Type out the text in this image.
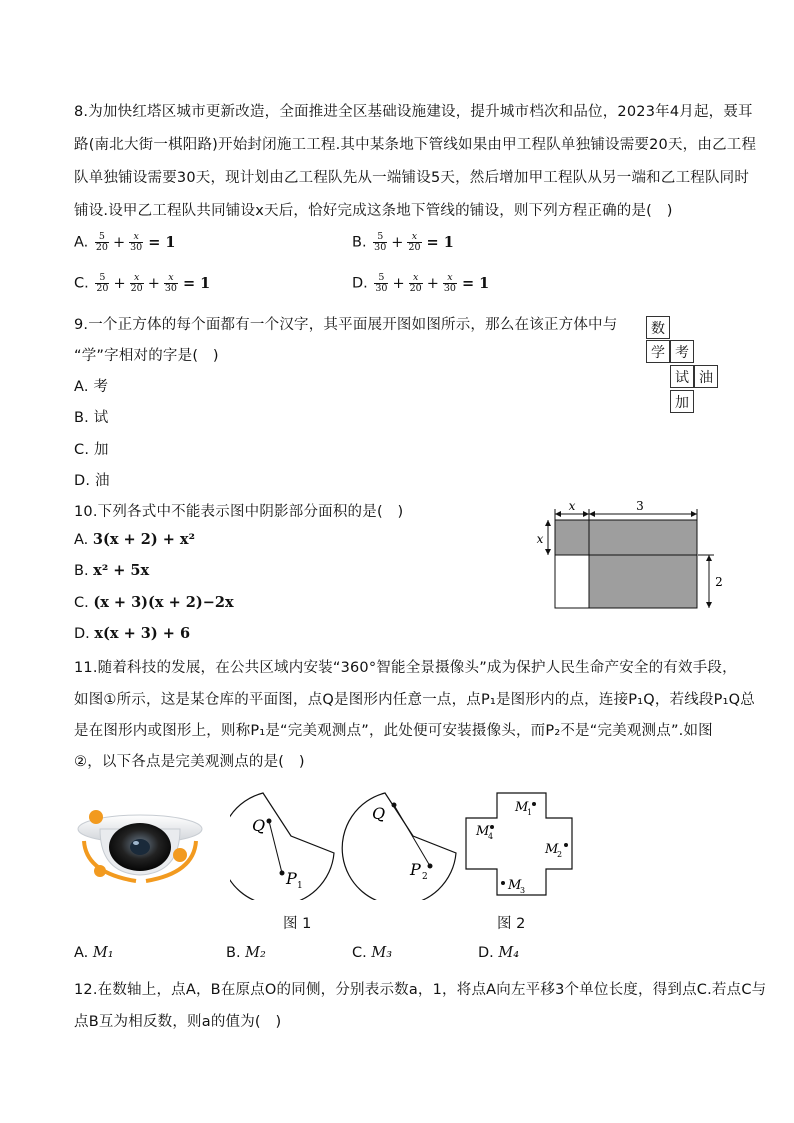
8.为加快红塔区城市更新改造，全面推进全区基础设施建设，提升城市档次和品位，2023年4月起，聂耳
路(南北大街一棋阳路)开始封闭施工工程.其中某条地下管线如果由甲工程队单独铺设需要20天，由乙工程
队单独铺设需要30天，现计划由乙工程队先从一端铺设5天，然后增加甲工程队从另一端和乙工程队同时
铺设.设甲乙工程队共同铺设x天后，恰好完成这条地下管线的铺设，则下列方程正确的是(　)
A. $\frac{5}{20} + \frac{x}{30} = 1$	B. $\frac{5}{30} + \frac{x}{20} = 1$
C. $\frac{5}{20} + \frac{x}{20} + \frac{x}{30} = 1$	D. $\frac{5}{30} + \frac{x}{20} + \frac{x}{30} = 1$
9.一个正方体的每个面都有一个汉字，其平面展开图如图所示，那么在该正方体中与
“学”字相对的字是(　)
A. 考
B. 试
C. 加
D. 油
数
学 考
试 油
加
10.下列各式中不能表示图中阴影部分面积的是(　)
A. 3(x + 2) + x²
B. x² + 5x
C. (x + 3)(x + 2)−2x
D. x(x + 3) + 6
x	3
x
2
11.随着科技的发展，在公共区域内安装“360°智能全景摄像头”成为保护人民生命产安全的有效手段，
如图①所示，这是某仓库的平面图，点Q是图形内任意一点，点P₁是图形内的点，连接P₁Q，若线段P₁Q总
是在图形内或图形上，则称P₁是“完美观测点”，此处便可安装摄像头，而P₂不是“完美观测点”.如图
②，以下各点是完美观测点的是(　)
Q
P 1
Q
P 2
M
1
M
2
M
3
M
4
图 1	图 2
A. M₁	B. M₂	C. M₃	D. M₄
12.在数轴上，点A，B在原点O的同侧，分别表示数a，1，将点A向左平移3个单位长度，得到点C.若点C与
点B互为相反数，则a的值为(　)
